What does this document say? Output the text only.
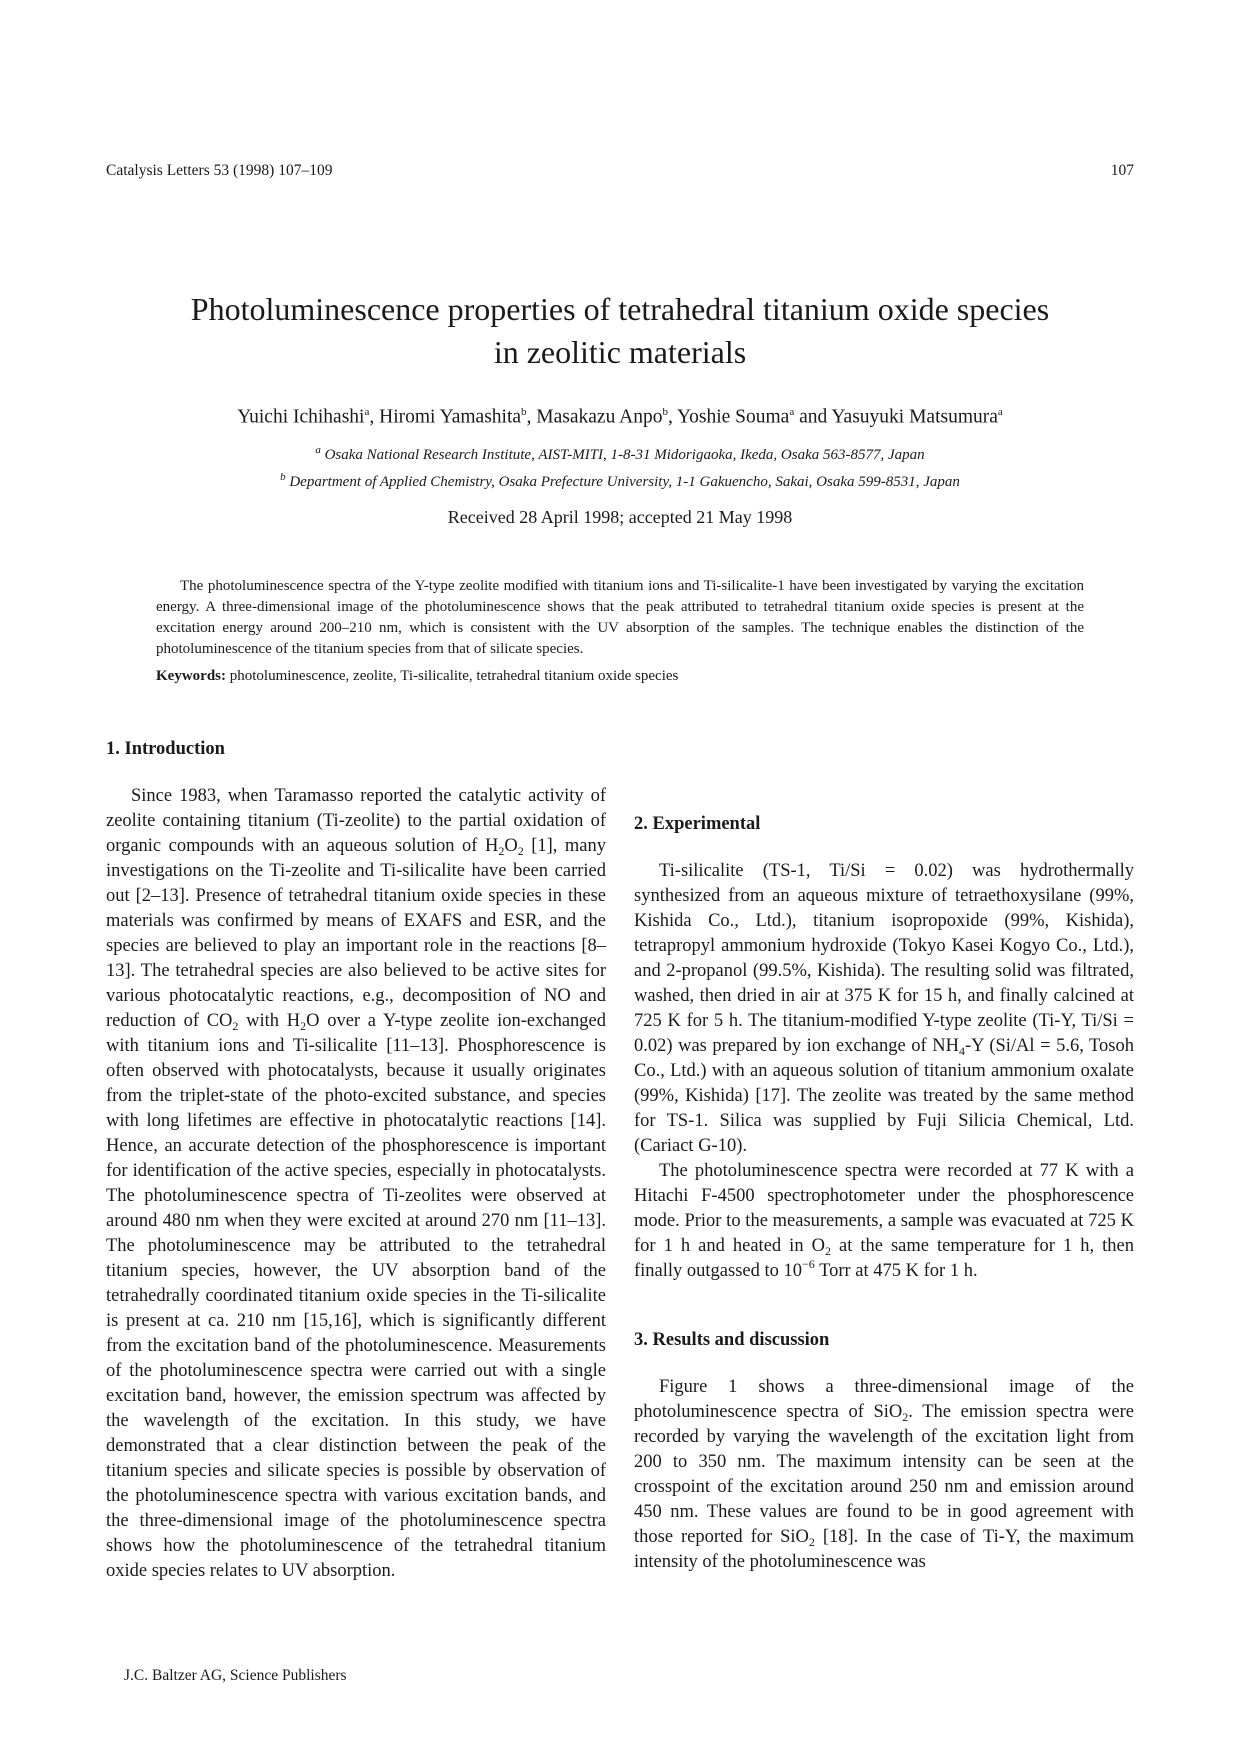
Catalysis Letters 53 (1998) 107–109	107
Photoluminescence properties of tetrahedral titanium oxide species
in zeolitic materials
Yuichi Ichihashi$^a$, Hiromi Yamashita$^b$, Masakazu Anpo$^b$, Yoshie Souma$^a$ and Yasuyuki Matsumura$^a$
$^a$ Osaka National Research Institute, AIST-MITI, 1-8-31 Midorigaoka, Ikeda, Osaka 563-8577, Japan
$^b$ Department of Applied Chemistry, Osaka Prefecture University, 1-1 Gakuencho, Sakai, Osaka 599-8531, Japan
Received 28 April 1998; accepted 21 May 1998

The photoluminescence spectra of the Y-type zeolite modified with titanium ions and Ti-silicalite-1 have been investigated by varying the excitation energy. A three-dimensional image of the photoluminescence shows that the peak attributed to tetrahedral titanium oxide species is present at the excitation energy around 200–210 nm, which is consistent with the UV absorption of the samples. The technique enables the distinction of the photoluminescence of the titanium species from that of silicate species.

Keywords: photoluminescence, zeolite, Ti-silicalite, tetrahedral titanium oxide species
1. Introduction

Since 1983, when Taramasso reported the catalytic activity of zeolite containing titanium (Ti-zeolite) to the partial oxidation of organic compounds with an aqueous solution of $H_2O_2$ [1], many investigations on the Ti-zeolite and Ti-silicalite have been carried out [2–13]. Presence of tetrahedral titanium oxide species in these materials was confirmed by means of EXAFS and ESR, and the species are believed to play an important role in the reactions [8–13]. The tetrahedral species are also believed to be active sites for various photocatalytic reactions, e.g., decomposition of NO and reduction of $CO_2$ with $H_2O$ over a Y-type zeolite ion-exchanged with titanium ions and Ti-silicalite [11–13]. Phosphorescence is often observed with photocatalysts, because it usually originates from the triplet-state of the photo-excited substance, and species with long lifetimes are effective in photocatalytic reactions [14]. Hence, an accurate detection of the phosphorescence is important for identification of the active species, especially in photocatalysts. The photoluminescence spectra of Ti-zeolites were observed at around 480 nm when they were excited at around 270 nm [11–13]. The photoluminescence may be attributed to the tetrahedral titanium species, however, the UV absorption band of the tetrahedrally coordinated titanium oxide species in the Ti-silicalite is present at ca. 210 nm [15,16], which is significantly different from the excitation band of the photoluminescence. Measurements of the photoluminescence spectra were carried out with a single excitation band, however, the emission spectrum was affected by the wavelength of the excitation. In this study, we have demonstrated that a clear distinction between the peak of the titanium species and silicate species is possible by observation of the photoluminescence spectra with various excitation bands, and the three-dimensional image of the photoluminescence spectra shows how the photoluminescence of the tetrahedral titanium oxide species relates to UV absorption.

2. Experimental

Ti-silicalite (TS-1, Ti/Si = 0.02) was hydrothermally synthesized from an aqueous mixture of tetraethoxysilane (99%, Kishida Co., Ltd.), titanium isopropoxide (99%, Kishida), tetrapropyl ammonium hydroxide (Tokyo Kasei Kogyo Co., Ltd.), and 2-propanol (99.5%, Kishida). The resulting solid was filtrated, washed, then dried in air at 375 K for 15 h, and finally calcined at 725 K for 5 h. The titanium-modified Y-type zeolite (Ti-Y, Ti/Si = 0.02) was prepared by ion exchange of $NH_4-Y$ (Si/Al = 5.6, Tosoh Co., Ltd.) with an aqueous solution of titanium ammonium oxalate (99%, Kishida) [17]. The zeolite was treated by the same method for TS-1. Silica was supplied by Fuji Silicia Chemical, Ltd. (Cariact G-10).

The photoluminescence spectra were recorded at 77 K with a Hitachi F-4500 spectrophotometer under the phosphorescence mode. Prior to the measurements, a sample was evacuated at 725 K for 1 h and heated in $O_2$ at the same temperature for 1 h, then finally outgassed to $10^{-6}$ Torr at 475 K for 1 h.

3. Results and discussion

Figure 1 shows a three-dimensional image of the photoluminescence spectra of SiO$_2$. The emission spectra were recorded by varying the wavelength of the excitation light from 200 to 350 nm. The maximum intensity can be seen at the crosspoint of the excitation around 250 nm and emission around 450 nm. These values are found to be in good agreement with those reported for SiO$_2$ [18]. In the case of Ti-Y, the maximum intensity of the photoluminescence was

J.C. Baltzer AG, Science Publishers
